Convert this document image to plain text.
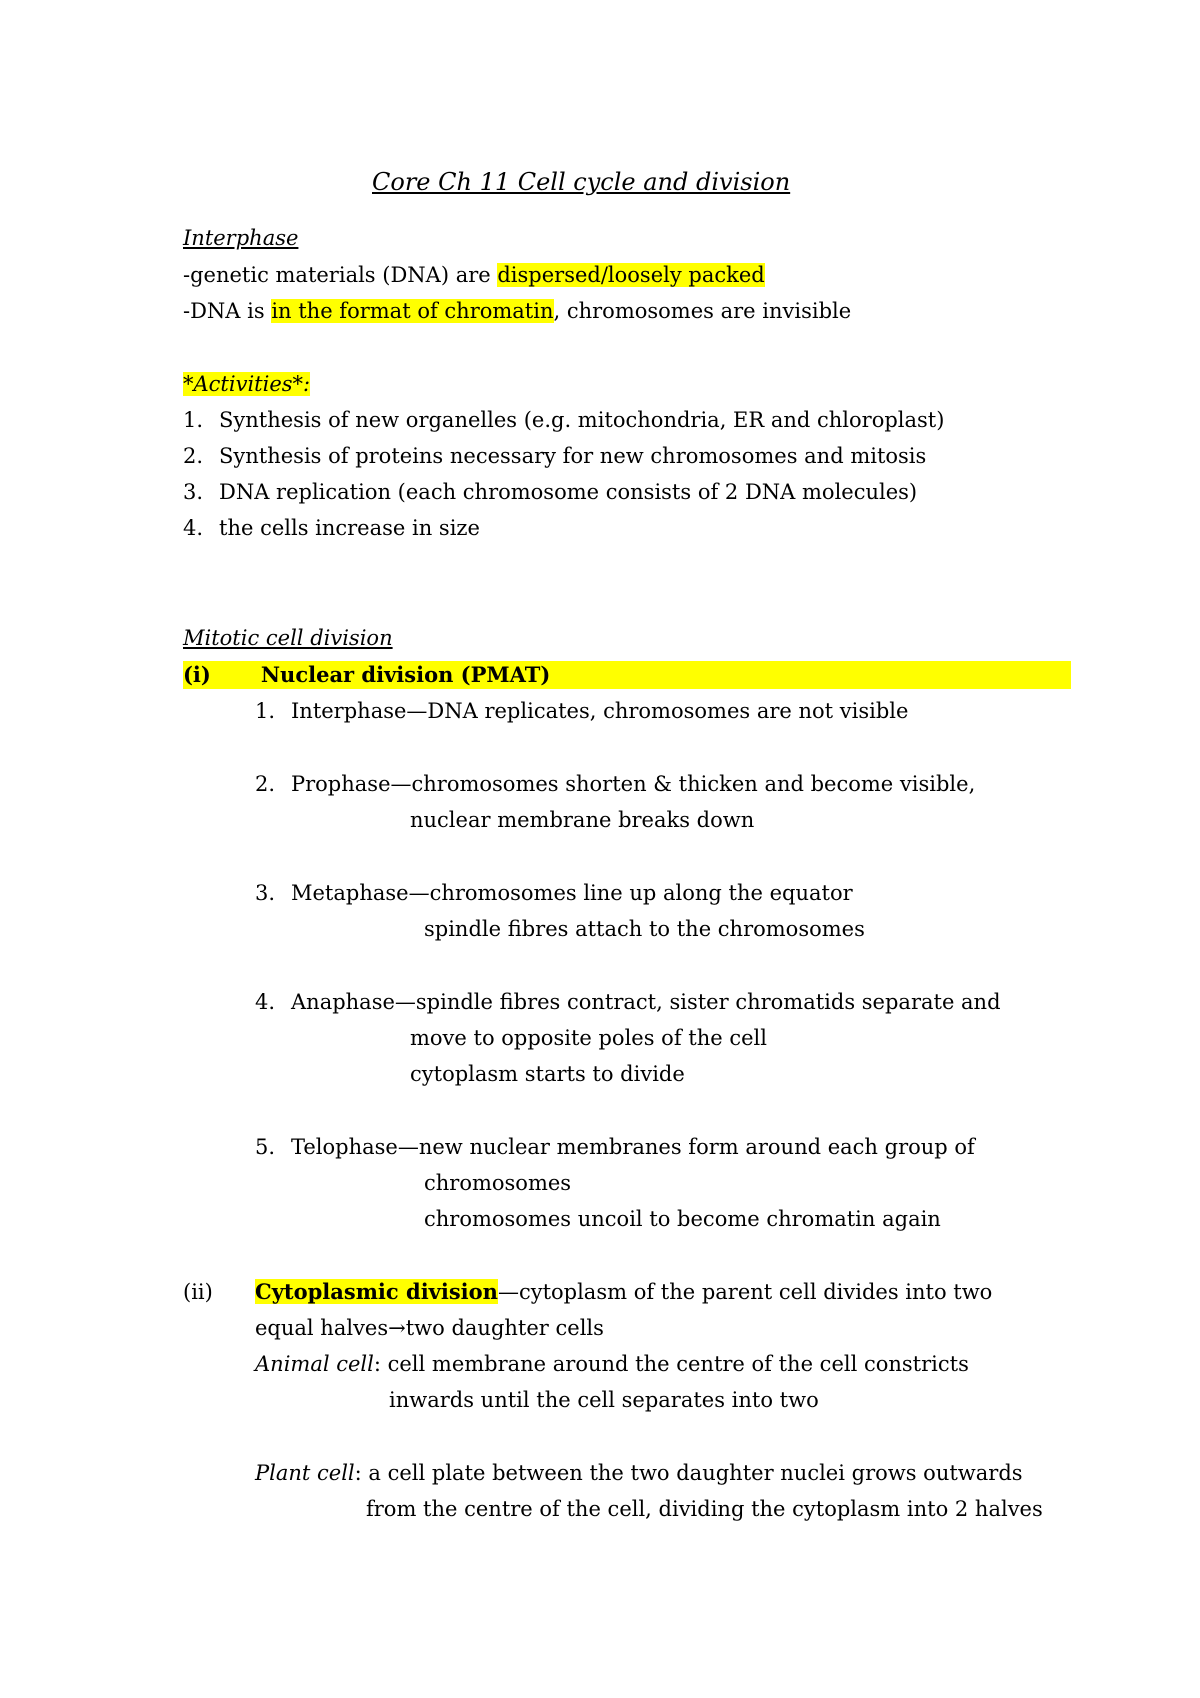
Core Ch 11 Cell cycle and division

Interphase

-genetic materials (DNA) are dispersed/loosely packed

-DNA is in the format of chromatin, chromosomes are invisible

*Activities*:

1. Synthesis of new organelles (e.g. mitochondria, ER and chloroplast)

2. Synthesis of proteins necessary for new chromosomes and mitosis

3. DNA replication (each chromosome consists of 2 DNA molecules)

4. the cells increase in size

Mitotic cell division

(i) Nuclear division (PMAT)

1. Interphase—DNA replicates, chromosomes are not visible

2. Prophase—chromosomes shorten & thicken and become visible,

nuclear membrane breaks down

3. Metaphase—chromosomes line up along the equator

spindle fibres attach to the chromosomes

4. Anaphase—spindle fibres contract, sister chromatids separate and

move to opposite poles of the cell

cytoplasm starts to divide

5. Telophase—new nuclear membranes form around each group of

chromosomes

chromosomes uncoil to become chromatin again

(ii) Cytoplasmic division—cytoplasm of the parent cell divides into two

equal halves→two daughter cells

Animal cell: cell membrane around the centre of the cell constricts

inwards until the cell separates into two

Plant cell: a cell plate between the two daughter nuclei grows outwards

from the centre of the cell, dividing the cytoplasm into 2 halves
